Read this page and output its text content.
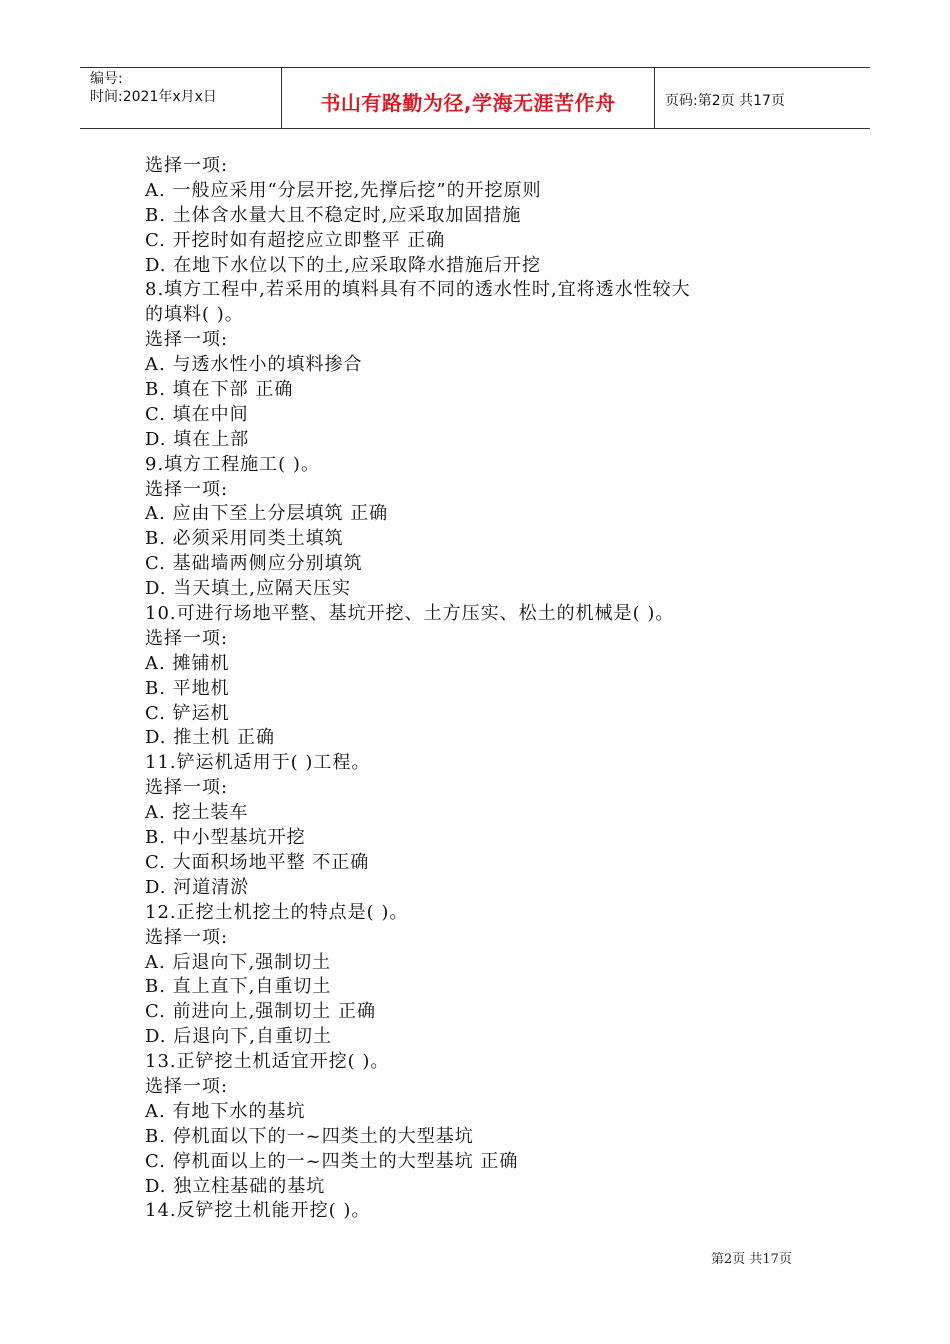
编号:
时间:2021年x月x日	书山有路勤为径,学海无涯苦作舟	页码:第2页 共17页
选择一项:
A. 一般应采用“分层开挖,先撑后挖”的开挖原则
B. 土体含水量大且不稳定时,应采取加固措施
C. 开挖时如有超挖应立即整平 正确
D. 在地下水位以下的土,应采取降水措施后开挖
8.填方工程中,若采用的填料具有不同的透水性时,宜将透水性较大
的填料( )。
选择一项:
A. 与透水性小的填料掺合
B. 填在下部 正确
C. 填在中间
D. 填在上部
9.填方工程施工( )。
选择一项:
A. 应由下至上分层填筑 正确
B. 必须采用同类土填筑
C. 基础墙两侧应分别填筑
D. 当天填土,应隔天压实
10.可进行场地平整、基坑开挖、土方压实、松土的机械是( )。
选择一项:
A. 摊铺机
B. 平地机
C. 铲运机
D. 推土机 正确
11.铲运机适用于( )工程。
选择一项:
A. 挖土装车
B. 中小型基坑开挖
C. 大面积场地平整 不正确
D. 河道清淤
12.正挖土机挖土的特点是( )。
选择一项:
A. 后退向下,强制切土
B. 直上直下,自重切土
C. 前进向上,强制切土 正确
D. 后退向下,自重切土
13.正铲挖土机适宜开挖( )。
选择一项:
A. 有地下水的基坑
B. 停机面以下的一~四类土的大型基坑
C. 停机面以上的一~四类土的大型基坑 正确
D. 独立柱基础的基坑
14.反铲挖土机能开挖( )。
第2页 共17页
